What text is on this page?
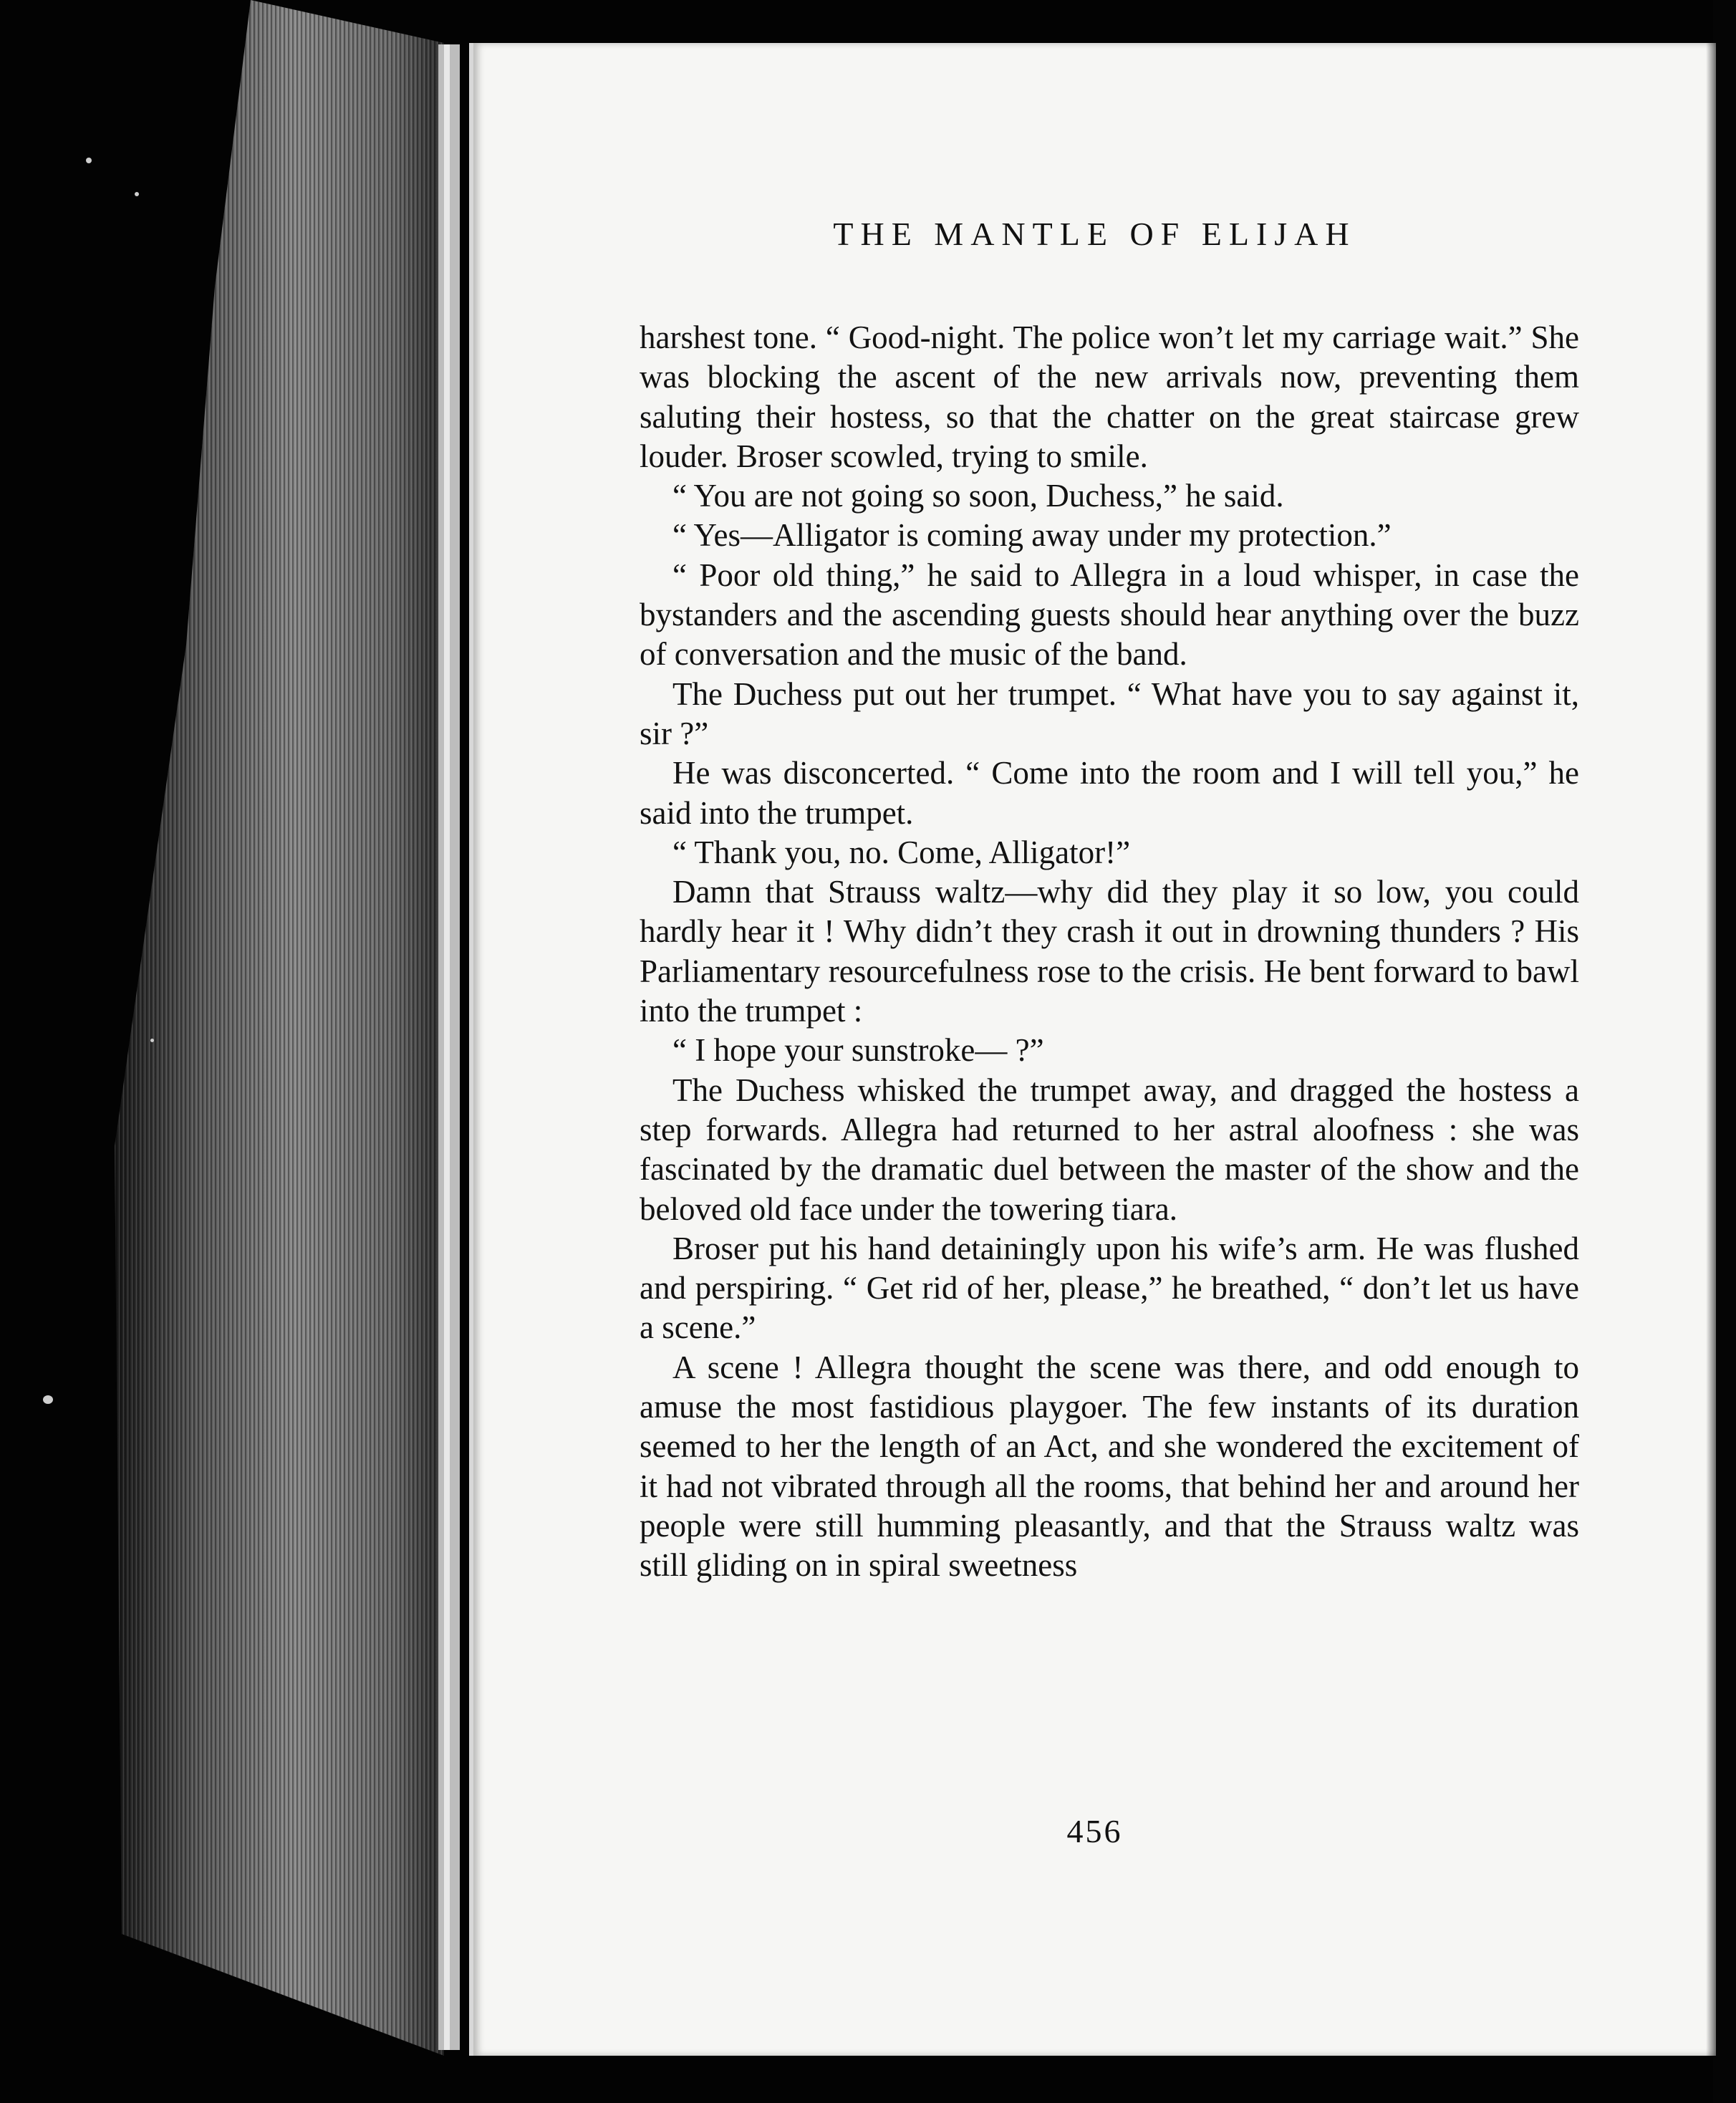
THE MANTLE OF ELIJAH

harshest tone. “ Good-night. The police won’t let my carriage wait.” She was blocking the ascent of the new arrivals now, preventing them saluting their hostess, so that the chatter on the great staircase grew louder. Broser scowled, trying to smile.

“ You are not going so soon, Duchess,” he said.

“ Yes—Alligator is coming away under my protection.”

“ Poor old thing,” he said to Allegra in a loud whisper, in case the bystanders and the ascending guests should hear anything over the buzz of conversation and the music of the band.

The Duchess put out her trumpet. “ What have you to say against it, sir ?”

He was disconcerted. “ Come into the room and I will tell you,” he said into the trumpet.

“ Thank you, no. Come, Alligator!”

Damn that Strauss waltz—why did they play it so low, you could hardly hear it ! Why didn’t they crash it out in drowning thunders ? His Parliamentary resourcefulness rose to the crisis. He bent forward to bawl into the trumpet :

“ I hope your sunstroke— ?”

The Duchess whisked the trumpet away, and dragged the hostess a step forwards. Allegra had returned to her astral aloofness : she was fascinated by the dramatic duel between the master of the show and the beloved old face under the towering tiara.

Broser put his hand detainingly upon his wife’s arm. He was flushed and perspiring. “ Get rid of her, please,” he breathed, “ don’t let us have a scene.”

A scene ! Allegra thought the scene was there, and odd enough to amuse the most fastidious playgoer. The few instants of its duration seemed to her the length of an Act, and she wondered the excitement of it had not vibrated through all the rooms, that behind her and around her people were still humming pleasantly, and that the Strauss waltz was still gliding on in spiral sweetness

456
